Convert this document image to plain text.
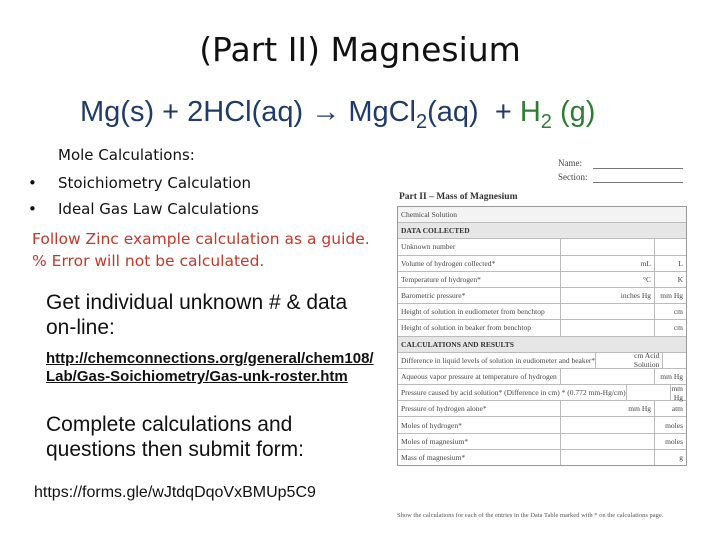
(Part II) Magnesium
Mg(s) + 2HCl(aq) → MgCl$_2$(aq) + $H_2$ (g)
Mole Calculations:
•	Stoichiometry Calculation
•	Ideal Gas Law Calculations
Follow Zinc example calculation as a guide.
% Error will not be calculated.
Get individual unknown # & data on-line:
http://chemconnections.org/general/chem108/Lab/Gas-Soichiometry/Gas-unk-roster.htm
Complete calculations and questions then submit form:
https://forms.gle/wJtdqDqoVxBMUp5C9
Name:
Section:
Part II – Mass of Magnesium
Chemical Solution
DATA COLLECTED
Unknown number
Volume of hydrogen collected*	mL	L
Temperature of hydrogen*	°C	K
Barometric pressure*	inches Hg	mm Hg
Height of solution in eudiometer from benchtop	cm
Height of solution in beaker from benchtop	cm
CALCULATIONS AND RESULTS
Difference in liquid levels of solution in eudiometer and beaker*	cm Acid Solution
Aqueous vapor pressure at temperature of hydrogen	mm Hg
Pressure caused by acid solution* (Difference in cm) * (0.772 mm-Hg/cm)	mm Hg
Pressure of hydrogen alone*	mm Hg	atm
Moles of hydrogen*	moles
Moles of magnesium*	moles
Mass of magnesium*	g
Show the calculations for each of the entries in the Data Table marked with * on the calculations page.
